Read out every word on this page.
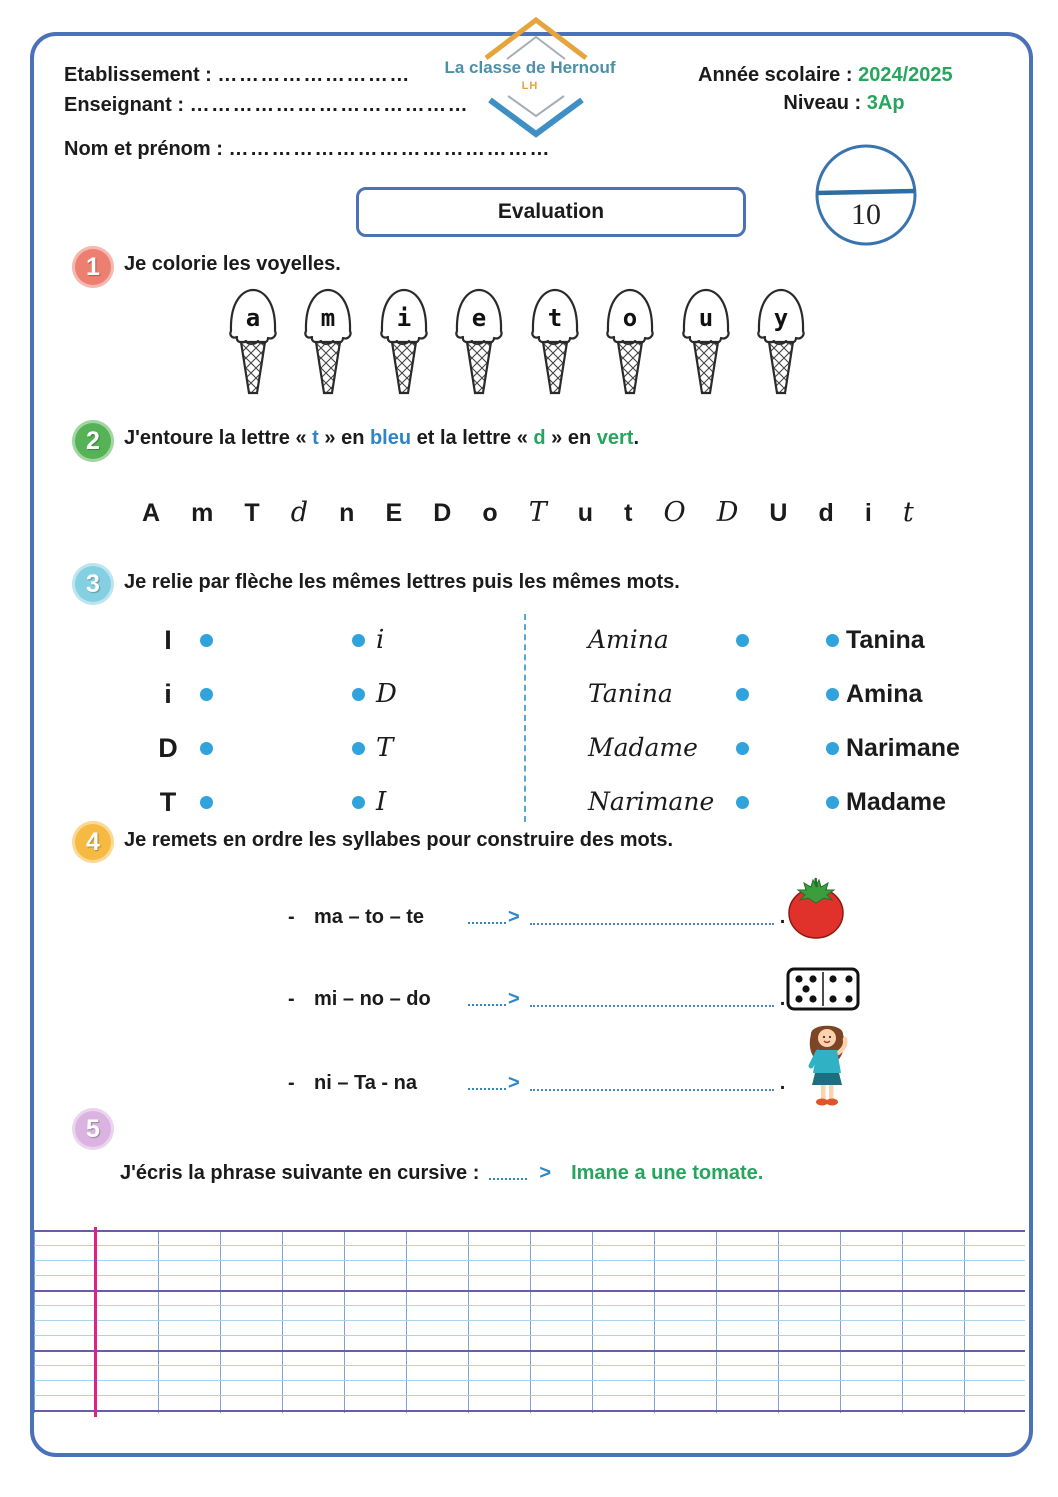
La classe de Hernouf
LH
Etablissement : ………………………
Enseignant : …………………………………
Nom et prénom : ………………………………………
Année scolaire : 2024/2025
Niveau : 3Ap
Evaluation	10
1	Je colorie les voyelles.
a	m	i	e	t	o	u	y
2	J'entoure la lettre « t » en bleu et la lettre « d » en vert.
A m T d n E D o T u t O D U d i t
3	Je relie par flèche les mêmes lettres puis les mêmes mots.
I	i	Amina	Tanina
i	D	Tanina	Amina
D	T	Madame	Narimane
T	I	Narimane	Madame
4	Je remets en ordre les syllabes pour construire des mots.
- ma – to – te	>	.
- mi – no – do	>	.
- ni – Ta - na	>	.
5
J'écris la phrase suivante en cursive :	> Imane a une tomate.
